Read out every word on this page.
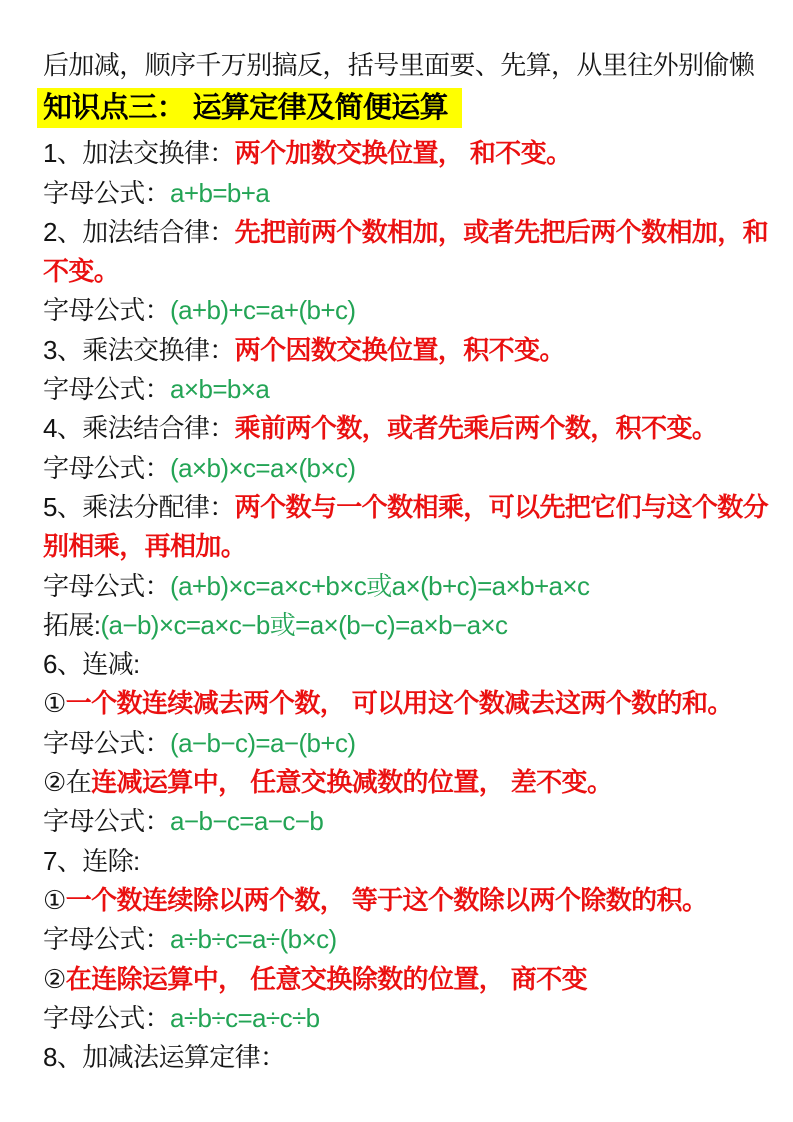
后加减，顺序千万别搞反，括号里面要、先算，从里往外别偷懒
知识点三： 运算定律及简便运算
1、加法交换律：两个加数交换位置， 和不变。
字母公式：a+b=b+a
2、加法结合律：先把前两个数相加，或者先把后两个数相加，和
不变。
字母公式：(a+b)+c=a+(b+c)
3、乘法交换律：两个因数交换位置，积不变。
字母公式：a×b=b×a
4、乘法结合律：乘前两个数，或者先乘后两个数，积不变。
字母公式：(a×b)×c=a×(b×c)
5、乘法分配律：两个数与一个数相乘，可以先把它们与这个数分
别相乘，再相加。
字母公式：(a+b)×c=a×c+b×c或a×(b+c)=a×b+a×c
拓展:(a−b)×c=a×c−b或=a×(b−c)=a×b−a×c
6、连减:
①一个数连续减去两个数， 可以用这个数减去这两个数的和。
字母公式：(a−b−c)=a−(b+c)
②在连减运算中， 任意交换减数的位置， 差不变。
字母公式：a−b−c=a−c−b
7、连除:
①一个数连续除以两个数， 等于这个数除以两个除数的积。
字母公式：a÷b÷c=a÷(b×c)
②在连除运算中， 任意交换除数的位置， 商不变
字母公式：a÷b÷c=a÷c÷b
8、加减法运算定律：
